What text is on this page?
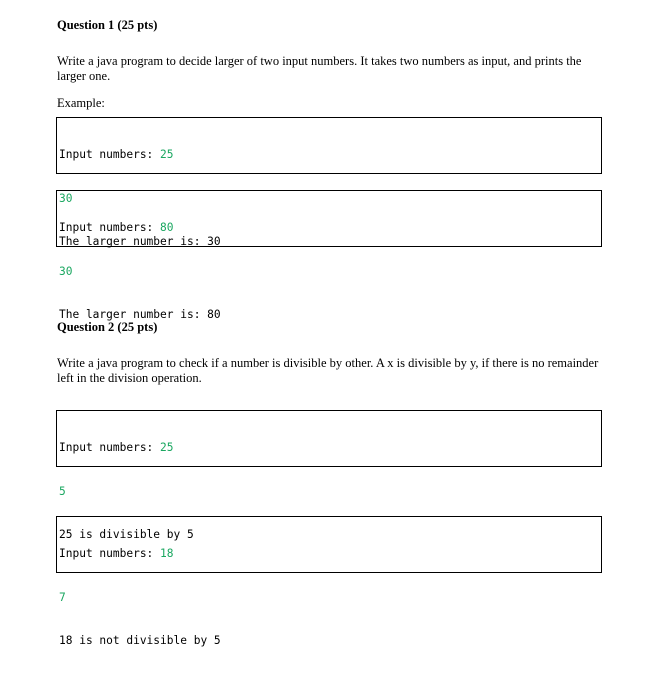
Question 1 (25 pts)
Write a java program to decide larger of two input numbers. It takes two numbers as input, and prints the
larger one.
Example:

Input numbers: 25

30

The larger number is: 30

Input numbers: 80

30

The larger number is: 80

Question 2 (25 pts)
Write a java program to check if a number is divisible by other. A x is divisible by y, if there is no remainder
left in the division operation.

Input numbers: 25

5

25 is divisible by 5

Input numbers: 18

7

18 is not divisible by 5
